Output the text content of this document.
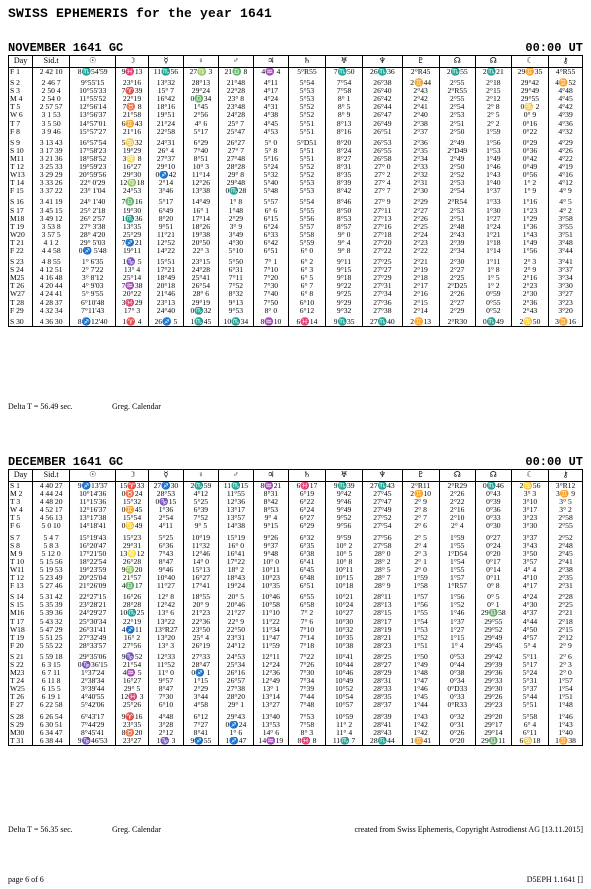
SWISS EPHEMERIS for the year 1641
NOVEMBER 1641 GC	00:00 UT
Day	Sid.t	☉	☽	☿	♀	♂	♃	♄	♅	♆	♇	☊	☊	☾	⚷
F 1	2 42 10	8♏54'59	9♓13	11♏56	27♍ 3	21♎ 8	4♒ 4	5°R55	7♏50	26♏36	2°R45	2♏55	2♏21	29♊35	4°R55
S 2	2 46 7	9°55'15	23°16	13°32	28°13	21°48	4°11	5°54	7°54	26°38	2♊44	2°55	2°18	29°42	4♊52
S 3	2 50 4	10°55'33	7♈39	15° 7	29°24	22°28	4°17	5°53	7°58	26°40	2°43	2°R55	2°15	29°49	4°48
M 4	2 54 0	11°55'52	22°19	16°42	0♎34	23° 8	4°24	5°53	8° 1	26°42	2°42	2°55	2°12	29°55	4°45
T 5	2 57 57	12°56'14	7♉ 8	18°16	1°45	23°48	4°31	5°52	8° 5	26°44	2°41	2°54	2° 8	0♋ 2	4°42
W 6	3 1 53	13°56'37	21°58	19°51	2°56	24°28	4°38	5°52	8° 9	26°47	2°40	2°53	2° 5	0° 9	4°39
T 7	3 5 50	14°57'01	6♊43	21°24	4° 6	25° 7	4°45	5°51	8°13	26°49	2°38	2°51	2° 2	0°16	4°36
F 8	3 9 46	15°57'27	21°16	22°58	5°17	25°47	4°53	5°51	8°16	26°51	2°37	2°50	1°59	0°22	4°32
S 9	3 13 43	16°57'54	5♋32	24°31	6°29	26°27	5° 0	5°D51	8°20	26°53	2°36	2°49	1°56	0°29	4°29
S 10	3 17 39	17°58'23	19°29	26° 4	7°40	27° 7	5° 8	5°51	8°24	26°55	2°35	2°D49	1°53	0°36	4°26
M11	3 21 36	18°58'52	3♌ 8	27°37	8°51	27°48	5°16	5°51	8°27	26°58	2°34	2°49	1°49	0°42	4°22
T 12	3 25 33	19°59'23	16°27	29°10	10° 3	28°28	5°24	5°52	8°31	27° 0	2°33	2°50	1°46	0°49	4°19
W13	3 29 29	20°59'56	29°30	0♐42	11°14	29° 8	5°32	5°52	8°35	27° 2	2°32	2°52	1°43	0°56	4°16
T 14	3 33 26	22° 0'29	12♍18	2°14	12°26	29°48	5°40	5°53	8°39	27° 4	2°31	2°53	1°40	1° 2	4°12
F 15	3 37 22	23° 1'04	24°53	3°46	13°38	0♏28	5°48	5°53	8°42	27° 7	2°30	2°54	1°37	1° 9	4° 9
S 16	3 41 19	24° 1'40	7♎16	5°17	14°49	1° 8	5°57	5°54	8°46	27° 9	2°29	2°R54	1°33	1°16	4° 5
S 17	3 45 15	25° 2'18	19°30	6°49	16° 1	1°48	6° 6	5°55	8°50	27°11	2°27	2°53	1°30	1°23	4° 2
M18	3 49 12	26° 2'57	1♏36	8°20	17°14	2°29	6°15	5°56	8°53	27°13	2°26	2°51	1°27	1°29	3°58
T 19	3 53 8	27° 3'38	13°35	9°51	18°26	3° 9	6°24	5°57	8°57	27°16	2°25	2°48	1°24	1°36	3°55
W20	3 57 5	28° 4'20	25°29	11°21	19°38	3°49	6°33	5°58	9° 0	27°18	2°24	2°43	1°21	1°43	3°51
T 21	4 1 2	29° 5'03	7♐21	12°52	20°50	4°30	6°42	5°59	9° 4	27°20	2°23	2°39	1°18	1°49	3°48
F 22	4 4 58	0♐ 5'48	19°11	14°22	22° 3	5°10	6°51	6° 0	9° 8	27°22	2°22	2°34	1°14	1°56	3°44
S 23	4 8 55	1° 6'35	1♑ 5	15°51	23°15	5°50	7° 1	6° 2	9°11	27°25	2°21	2°30	1°11	2° 3	3°41
S 24	4 12 51	2° 7'22	13° 4	17°21	24°28	6°31	7°10	6° 3	9°15	27°27	2°19	2°27	1° 8	2° 9	3°37
M25	4 16 48	3° 8'12	25°14	18°49	25°41	7°11	7°20	6° 5	9°18	27°29	2°18	2°25	1° 5	2°16	3°34
T 26	4 20 44	4° 9'03	7♒38	20°18	26°54	7°52	7°30	6° 7	9°22	27°31	2°17	2°D25	1° 2	2°23	3°30
W27	4 24 41	5° 9'55	20°22	21°46	28° 6	8°32	7°40	6° 8	9°25	27°34	2°16	2°26	0°59	2°30	3°27
T 28	4 28 37	6°10'48	3♓29	23°13	29°19	9°13	7°50	6°10	9°29	27°36	2°15	2°27	0°55	2°36	3°23
F 29	4 32 34	7°11'43	17° 3	24°40	0♏32	9°53	8° 0	6°12	9°32	27°38	2°14	2°29	0°52	2°43	3°20
S 30	4 36 30	8♐12'40	1♈ 4	26♐ 5	1♏45	10♏34	8♒10	6♓14	9♏35	27♏40	2♊13	2°R30	0♏49	2♋50	3♊16
Delta T = 56.49 sec.	Greg. Calendar
DECEMBER 1641 GC	00:00 UT
Day	Sid.t	☉	☽	☿	♀	♂	♃	♄	♅	♆	♇	☊	☊	☾	⚷
S 1	4 40 27	9♐13'37	15♈33	27♐30	2♏59	11♏15	8♒21	6♓17	9♏39	27♏43	2°R11	2°R29	0♏46	2♋56	3°R12
M 2	4 44 24	10°14'36	0♉24	28°53	4°12	11°55	8°31	6°19	9°42	27°45	2♊10	2°26	0°43	3° 3	3♊ 9
T 3	4 48 20	11°15'36	15°32	0♑15	5°25	12°36	8°42	6°22	9°46	27°47	2° 9	2°22	0°39	3°10	3° 5
W 4	4 52 17	12°16'37	0♊45	1°36	6°39	13°17	8°53	6°24	9°49	27°49	2° 8	2°16	0°36	3°17	3° 2
T 5	4 56 13	13°17'38	15°54	2°54	7°52	13°57	9° 4	6°27	9°52	27°52	2° 7	2°10	0°33	3°23	2°58
F 6	5 0 10	14°18'41	0♋49	4°11	9° 5	14°38	9°15	6°29	9°56	27°54	2° 6	2° 4	0°30	3°30	2°55
S 7	5 4 7	15°19'43	15°23	5°25	10°19	15°19	9°26	6°32	9°59	27°56	2° 5	1°59	0°27	3°37	2°52
S 8	5 8 3	16°20'47	29°31	6°36	11°32	16° 0	9°37	6°35	10° 2	27°58	2° 4	1°55	0°24	3°43	2°48
M 9	5 12 0	17°21'50	13♌12	7°43	12°46	16°41	9°48	6°38	10° 5	28° 0	2° 3	1°D54	0°20	3°50	2°45
T 10	5 15 56	18°22'54	26°28	8°47	14° 0	17°22	10° 0	6°41	10° 8	28° 2	2° 1	1°54	0°17	3°57	2°41
W11	5 19 53	19°23'59	9♍20	9°46	15°13	18° 2	10°11	6°45	10°11	28° 5	2° 0	1°55	0°14	4° 4	2°38
T 12	5 23 49	20°25'04	21°57	10°40	16°27	18°43	10°23	6°48	10°15	28° 7	1°59	1°57	0°11	4°10	2°35
F 13	5 27 46	21°26'09	4♎17	11°27	17°41	19°24	10°35	6°51	10°18	28° 9	1°58	1°R57	0° 8	4°17	2°31
S 14	5 31 42	22°27'15	16°26	12° 8	18°55	20° 5	10°46	6°55	10°21	28°11	1°57	1°56	0° 5	4°24	2°28
S 15	5 35 39	23°28'21	28°28	12°42	20° 9	20°46	10°58	6°58	10°24	28°13	1°56	1°52	0° 1	4°30	2°25
M16	5 39 36	24°29'27	10♏25	13° 6	21°23	21°27	11°10	7° 2	10°27	28°15	1°55	1°46	29♎58	4°37	2°21
T 17	5 43 32	25°30'34	22°19	13°22	22°36	22° 9	11°22	7° 6	10°30	28°17	1°54	1°37	29°55	4°44	2°18
W18	5 47 29	26°31'41	4♐11	13°R27	23°50	22°50	11°34	7°10	10°32	28°19	1°53	1°27	29°52	4°50	2°15
T 19	5 51 25	27°32'49	16° 2	13°20	25° 4	23°31	11°47	7°14	10°35	28°21	1°52	1°15	29°49	4°57	2°12
F 20	5 55 22	28°33'57	27°56	13° 3	26°19	24°12	11°59	7°18	10°38	28°23	1°51	1° 4	29°45	5° 4	2° 9
S 21	5 59 18	29°35'06	9♑52	12°33	27°33	24°53	12°11	7°22	10°41	28°25	1°50	0°53	29°42	5°11	2° 6
S 22	6 3 15	0♑36'15	21°54	11°52	28°47	25°34	12°24	7°26	10°44	28°27	1°49	0°44	29°39	5°17	2° 3
M23	6 7 11	1°37'24	4♒ 5	11° 0	0♐ 1	26°16	12°36	7°30	10°46	28°29	1°48	0°38	29°36	5°24	2° 0
T 24	6 11 8	2°38'34	16°27	9°57	1°15	26°57	12°49	7°34	10°49	28°31	1°47	0°34	29°33	5°31	1°57
W25	6 15 5	3°39'44	29° 5	8°47	2°29	27°38	13° 1	7°39	10°52	28°33	1°46	0°D33	29°30	5°37	1°54
T 26	6 19 1	4°40'55	12♓ 3	7°30	3°44	28°20	13°14	7°44	10°54	28°35	1°45	0°33	29°26	5°44	1°51
F 27	6 22 58	5°42'06	25°26	6°10	4°58	29° 1	13°27	7°48	10°57	28°37	1°44	0°R33	29°23	5°51	1°48
S 28	6 26 54	6°43'17	9♈16	4°48	6°12	29°43	13°40	7°53	10°59	28°39	1°43	0°32	29°20	5°58	1°46
S 29	6 30 51	7°44'29	23°35	3°28	7°27	0♐24	13°53	7°58	11° 2	28°41	1°42	0°31	29°17	6° 4	1°43
M30	6 34 47	8°45'41	8♉20	2°12	8°41	1° 6	14° 6	8° 3	11° 4	28°43	1°42	0°26	29°14	6°11	1°40
T 31	6 38 44	9♑46'53	23°27	1♑ 3	9♐55	1♐47	14♒19	8♓ 8	11♏ 7	28♏44	1♊41	0°20	29♎11	6♋18	1♊38
Delta T = 56.35 sec.	Greg. Calendar	created from Swiss Ephemeris, Copyright Astrodienst AG [13.11.2015]
page 6 of 6	D5EPH 1.1641 []
